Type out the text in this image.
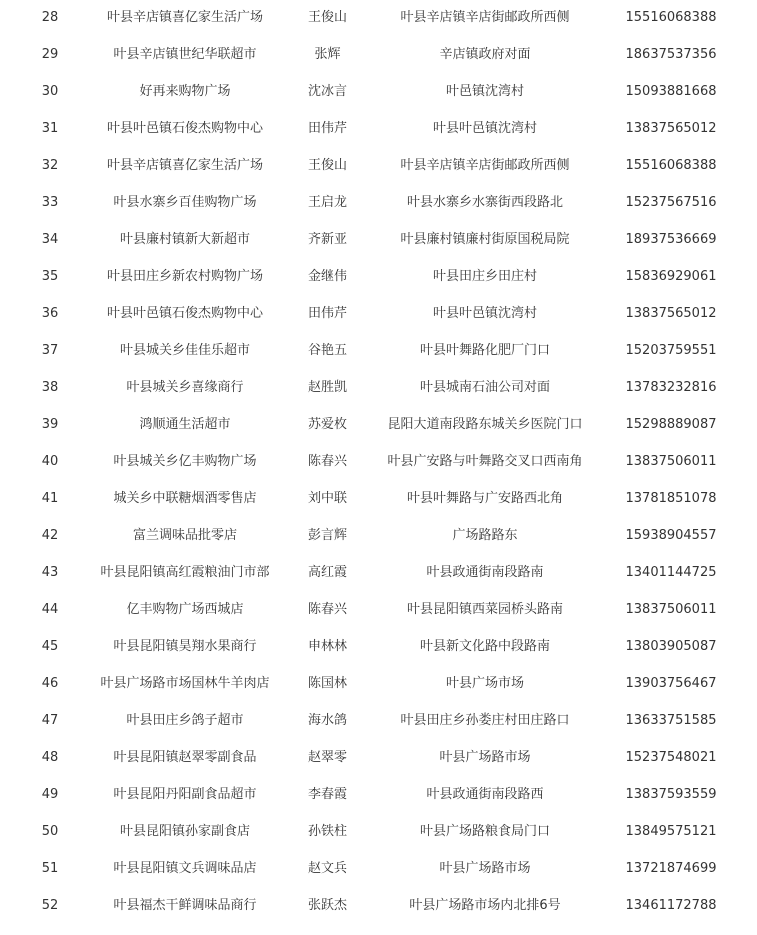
28	叶县辛店镇喜亿家生活广场	王俊山	叶县辛店镇辛店街邮政所西侧	15516068388
29	叶县辛店镇世纪华联超市	张辉	辛店镇政府对面	18637537356
30	好再来购物广场	沈冰言	叶邑镇沈湾村	15093881668
31	叶县叶邑镇石俊杰购物中心	田伟芹	叶县叶邑镇沈湾村	13837565012
32	叶县辛店镇喜亿家生活广场	王俊山	叶县辛店镇辛店街邮政所西侧	15516068388
33	叶县水寨乡百佳购物广场	王启龙	叶县水寨乡水寨街西段路北	15237567516
34	叶县廉村镇新大新超市	齐新亚	叶县廉村镇廉村街原国税局院	18937536669
35	叶县田庄乡新农村购物广场	金继伟	叶县田庄乡田庄村	15836929061
36	叶县叶邑镇石俊杰购物中心	田伟芹	叶县叶邑镇沈湾村	13837565012
37	叶县城关乡佳佳乐超市	谷艳五	叶县叶舞路化肥厂门口	15203759551
38	叶县城关乡喜缘商行	赵胜凯	叶县城南石油公司对面	13783232816
39	鸿顺通生活超市	苏爱枚	昆阳大道南段路东城关乡医院门口	15298889087
40	叶县城关乡亿丰购物广场	陈春兴	叶县广安路与叶舞路交叉口西南角	13837506011
41	城关乡中联糖烟酒零售店	刘中联	叶县叶舞路与广安路西北角	13781851078
42	富兰调味品批零店	彭言辉	广场路路东	15938904557
43	叶县昆阳镇高红霞粮油门市部	高红霞	叶县政通街南段路南	13401144725
44	亿丰购物广场西城店	陈春兴	叶县昆阳镇西菜园桥头路南	13837506011
45	叶县昆阳镇昊翔水果商行	申林林	叶县新文化路中段路南	13803905087
46	叶县广场路市场国林牛羊肉店	陈国林	叶县广场市场	13903756467
47	叶县田庄乡鸽子超市	海水鸽	叶县田庄乡孙娄庄村田庄路口	13633751585
48	叶县昆阳镇赵翠零副食品	赵翠零	叶县广场路市场	15237548021
49	叶县昆阳丹阳副食品超市	李春霞	叶县政通街南段路西	13837593559
50	叶县昆阳镇孙家副食店	孙铁柱	叶县广场路粮食局门口	13849575121
51	叶县昆阳镇文兵调味品店	赵文兵	叶县广场路市场	13721874699
52	叶县福杰干鲜调味品商行	张跃杰	叶县广场路市场内北排6号	13461172788
